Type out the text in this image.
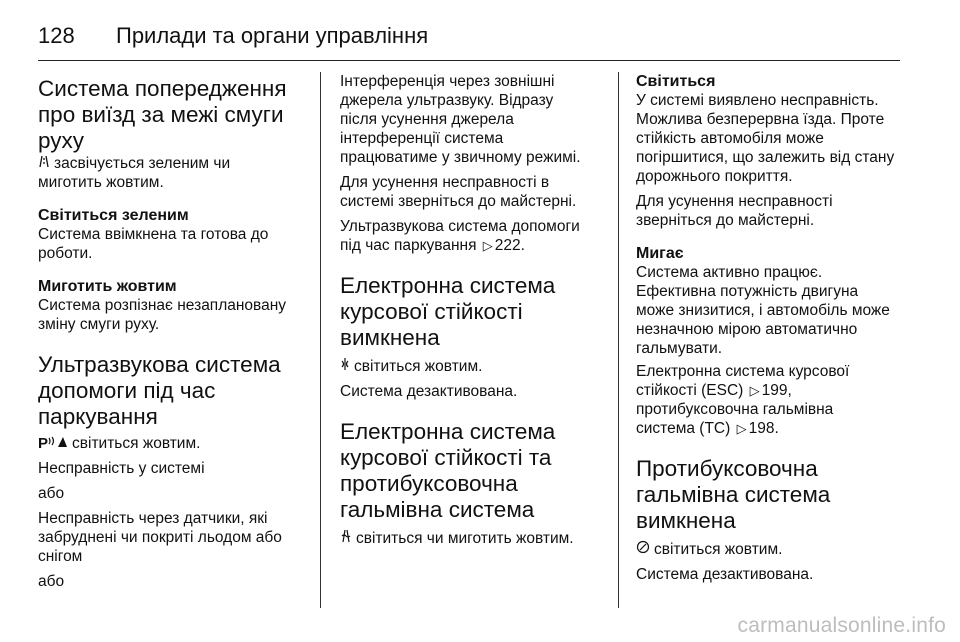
128	Прилади та органи управління
Система попередження
про виїзд за межі смуги
руху

засвічується зеленим чи
миготить жовтим.

Світиться зеленим

Система ввімкнена та готова до
роботи.

Миготить жовтим

Система розпізнає незаплановану
зміну смуги руху.

Ультразвукова система
допомоги під час
паркування

P світиться жовтим.

Несправність у системі

або

Несправність через датчики, які
забруднені чи покриті льодом або
снігом

або

Інтерференція через зовнішні
джерела ультразвуку. Відразу
після усунення джерела
інтерференції система
працюватиме у звичному режимі.

Для усунення несправності в
системі зверніться до майстерні.

Ультразвукова система допомоги
під час паркування ▷ 222.

Електронна система
курсової стійкості
вимкнена

світиться жовтим.

Система дезактивована.

Електронна система
курсової стійкості та
протибуксовочна
гальмівна система

світиться чи миготить жовтим.

Світиться

У системі виявлено несправність.
Можлива безперервна їзда. Проте
стійкість автомобіля може
погіршитися, що залежить від стану
дорожнього покриття.

Для усунення несправності
зверніться до майстерні.

Мигає

Система активно працює.
Ефективна потужність двигуна
може знизитися, і автомобіль може
незначною мірою автоматично
гальмувати.

Електронна система курсової
стійкості (ESC) ▷ 199,
протибуксовочна гальмівна
система (TC) ▷ 198.

Протибуксовочна
гальмівна система
вимкнена

світиться жовтим.

Система дезактивована.

carmanualsonline.info
